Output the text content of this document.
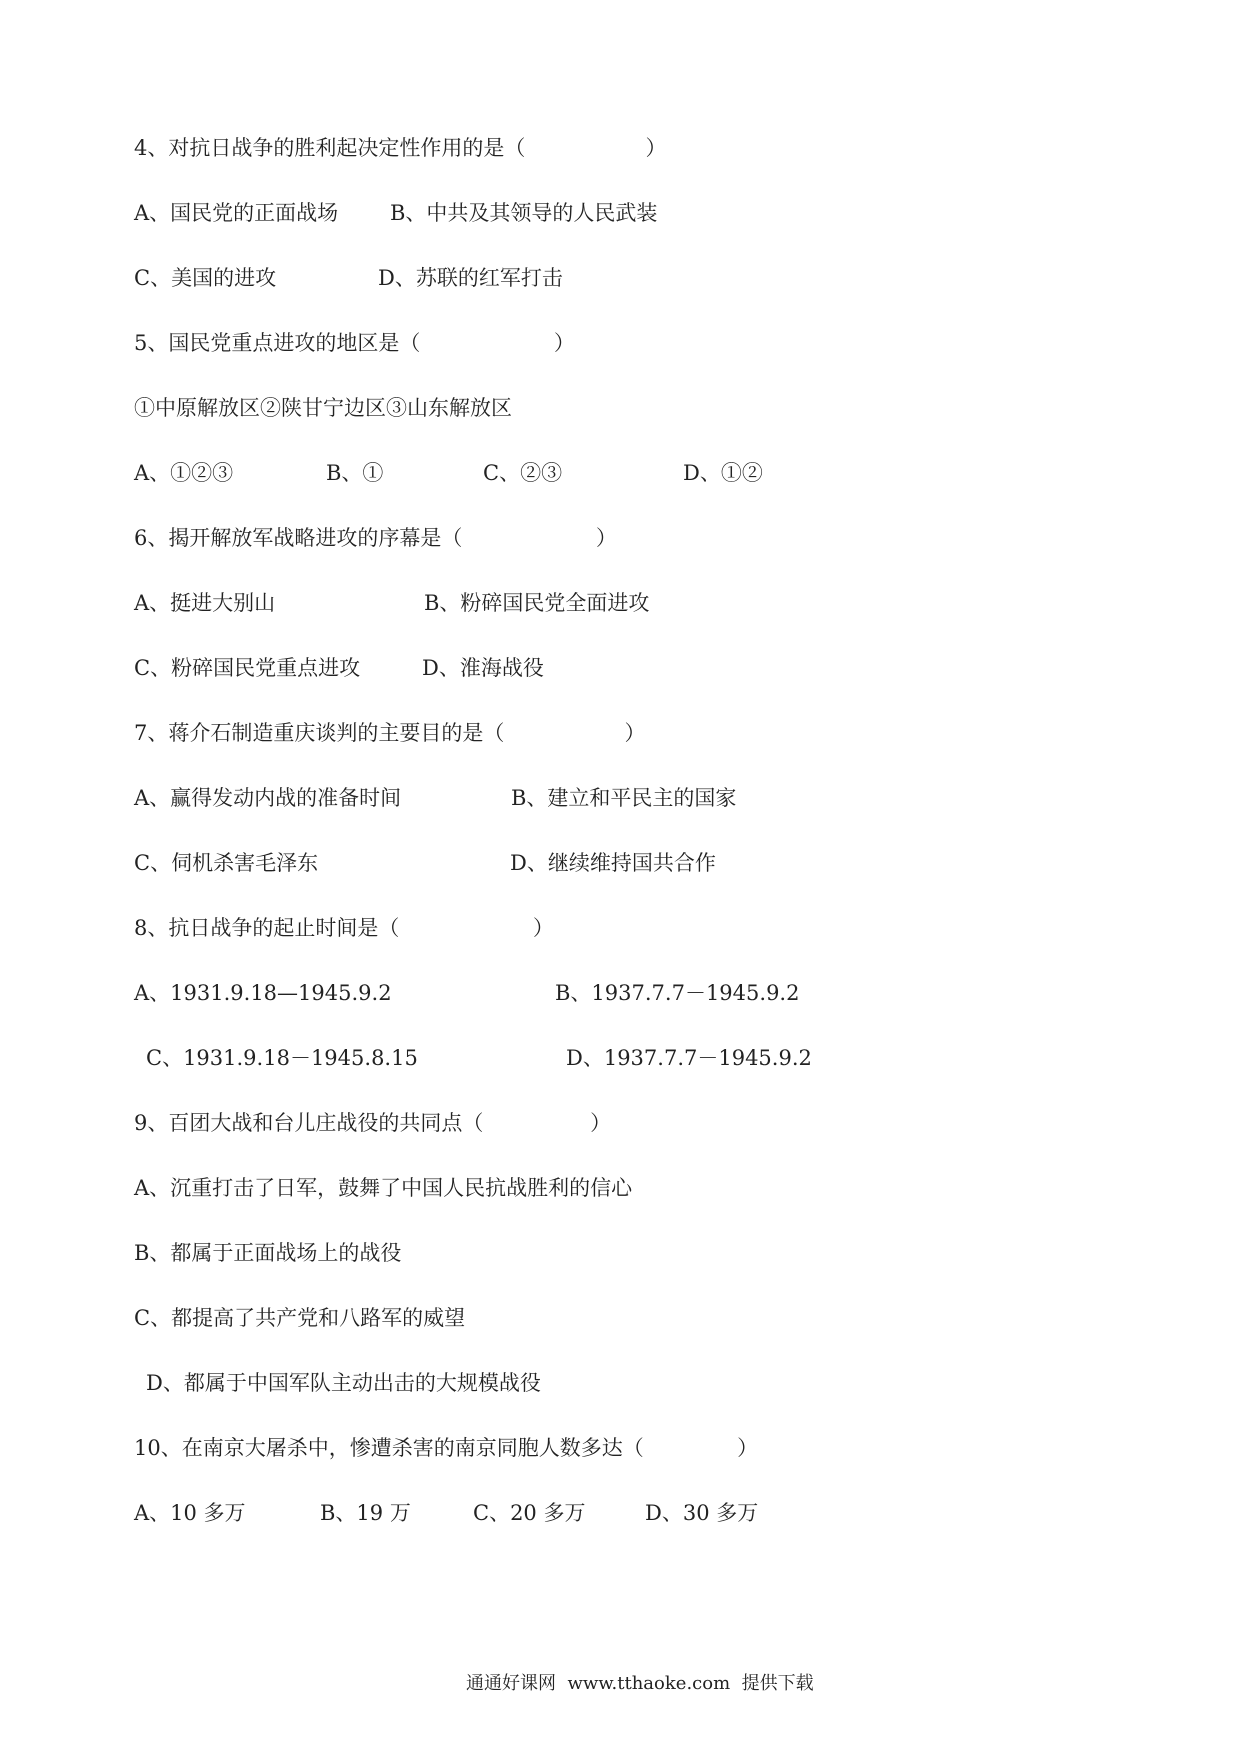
4、对抗日战争的胜利起决定性作用的是（                  ）

A、国民党的正面战场

B、中共及其领导的人民武装

C、美国的进攻

	D、苏联的红军打击

5、国民党重点进攻的地区是（                    ）

①中原解放区②陕甘宁边区③山东解放区

A、①②③

	B、①

	C、②③

	D、①②

6、揭开解放军战略进攻的序幕是（                    ）

A、挺进大别山

	B、粉碎国民党全面进攻

C、粉碎国民党重点进攻

	D、淮海战役

7、蒋介石制造重庆谈判的主要目的是（                  ）

A、赢得发动内战的准备时间

	B、建立和平民主的国家

C、伺机杀害毛泽东

	D、继续维持国共合作

8、抗日战争的起止时间是（                    ）

A、1931.9.18—1945.9.2

	B、1937.7.7－1945.9.2

C、1931.9.18－1945.8.15

	D、1937.7.7－1945.9.2

9、百团大战和台儿庄战役的共同点（                ）

A、沉重打击了日军，鼓舞了中国人民抗战胜利的信心

B、都属于正面战场上的战役

C、都提高了共产党和八路军的威望

D、都属于中国军队主动出击的大规模战役

10、在南京大屠杀中，惨遭杀害的南京同胞人数多达（              ）

A、10 多万

	B、19 万

	C、20 多万

	D、30 多万

通通好课网  www.tthaoke.com  提供下载
